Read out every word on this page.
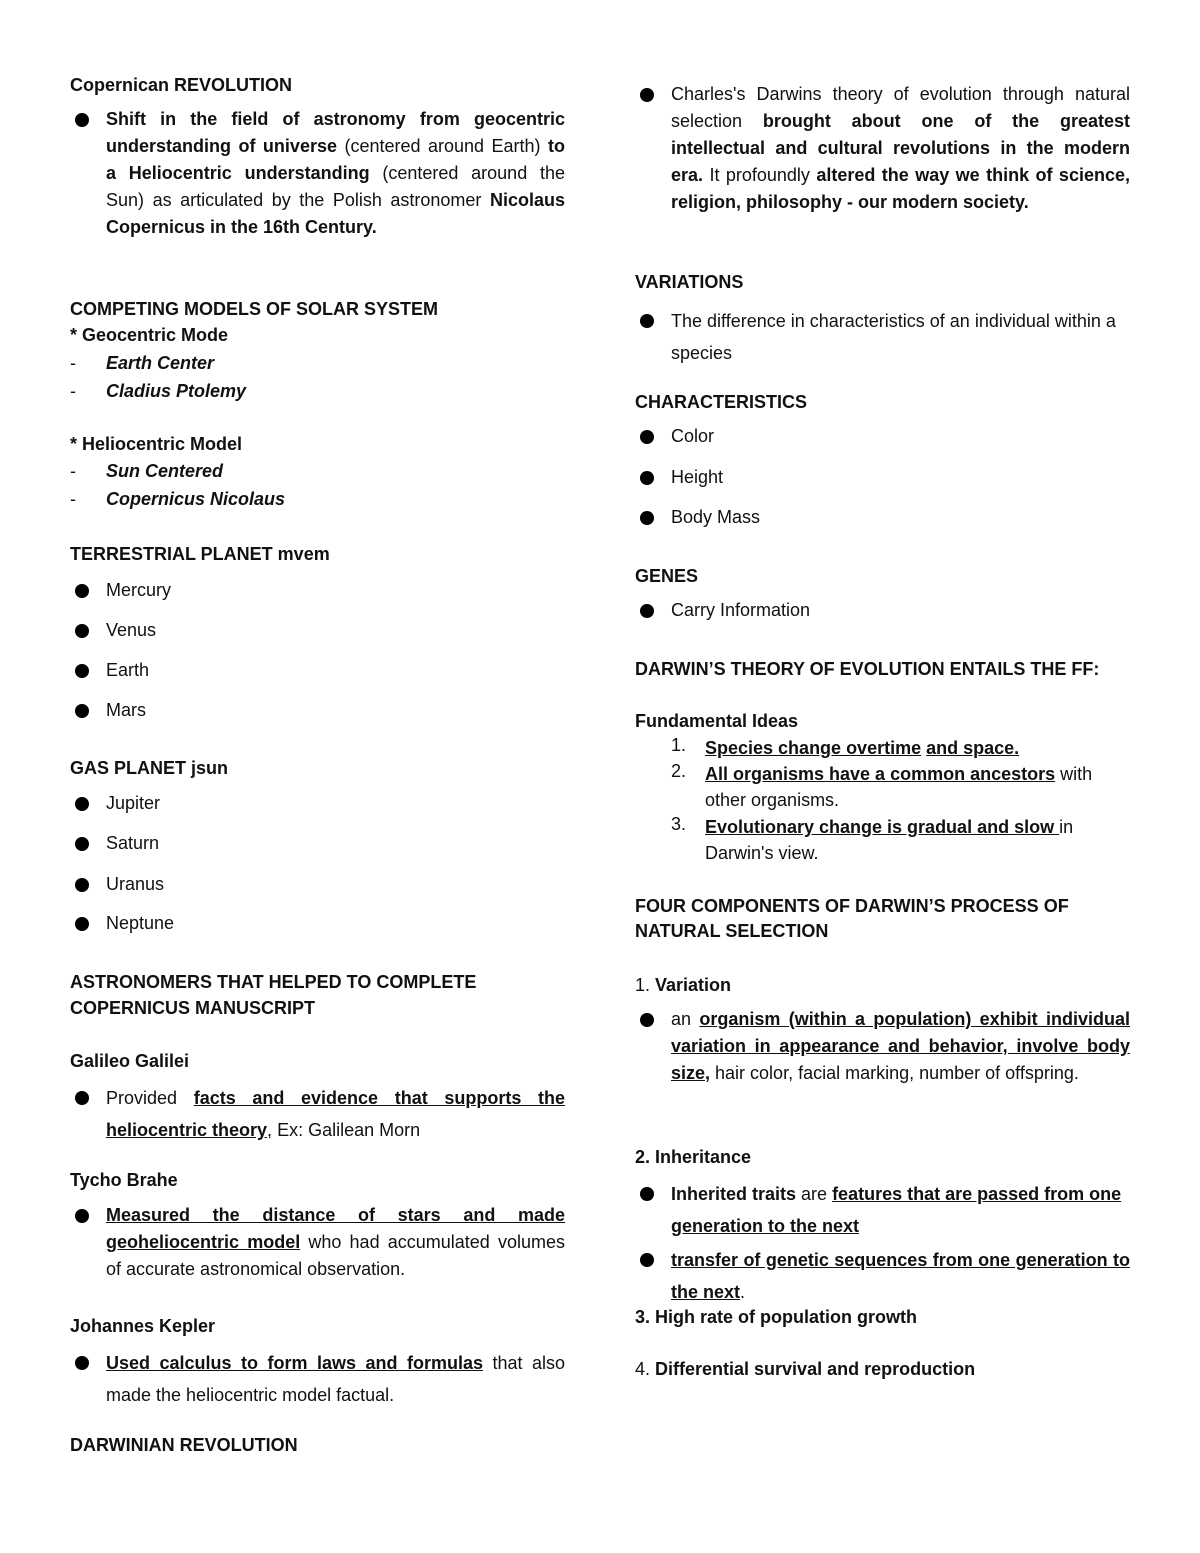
Copernican REVOLUTION
Shift in the field of astronomy from geocentric understanding of universe (centered around Earth) to a Heliocentric understanding (centered around the Sun) as articulated by the Polish astronomer Nicolaus Copernicus in the 16th Century.
COMPETING MODELS OF SOLAR SYSTEM
* Geocentric Mode
- Earth Center
- Cladius Ptolemy
* Heliocentric Model
- Sun Centered
- Copernicus Nicolaus
TERRESTRIAL PLANET mvem
Mercury
Venus
Earth
Mars
GAS PLANET jsun
Jupiter
Saturn
Uranus
Neptune
ASTRONOMERS THAT HELPED TO COMPLETE
COPERNICUS MANUSCRIPT
Galileo Galilei
Provided facts and evidence that supports the heliocentric theory, Ex: Galilean Morn
Tycho Brahe
Measured the distance of stars and made geoheliocentric model who had accumulated volumes of accurate astronomical observation.
Johannes Kepler
Used calculus to form laws and formulas that also made the heliocentric model factual.
DARWINIAN REVOLUTION
Charles's Darwins theory of evolution through natural selection brought about one of the greatest intellectual and cultural revolutions in the modern era. It profoundly altered the way we think of science, religion, philosophy - our modern society.
VARIATIONS
The difference in characteristics of an individual within a species
CHARACTERISTICS
Color
Height
Body Mass
GENES
Carry Information
DARWIN’S THEORY OF EVOLUTION ENTAILS THE FF:
Fundamental Ideas
1. Species change overtime and space.
2. All organisms have a common ancestors with other organisms.
3. Evolutionary change is gradual and slow in Darwin's view.
FOUR COMPONENTS OF DARWIN’S PROCESS OF
NATURAL SELECTION
1. Variation
an organism (within a population) exhibit individual variation in appearance and behavior, involve body size, hair color, facial marking, number of offspring.
2. Inheritance
Inherited traits are features that are passed from one generation to the next
transfer of genetic sequences from one generation to the next.
3. High rate of population growth
4. Differential survival and reproduction
